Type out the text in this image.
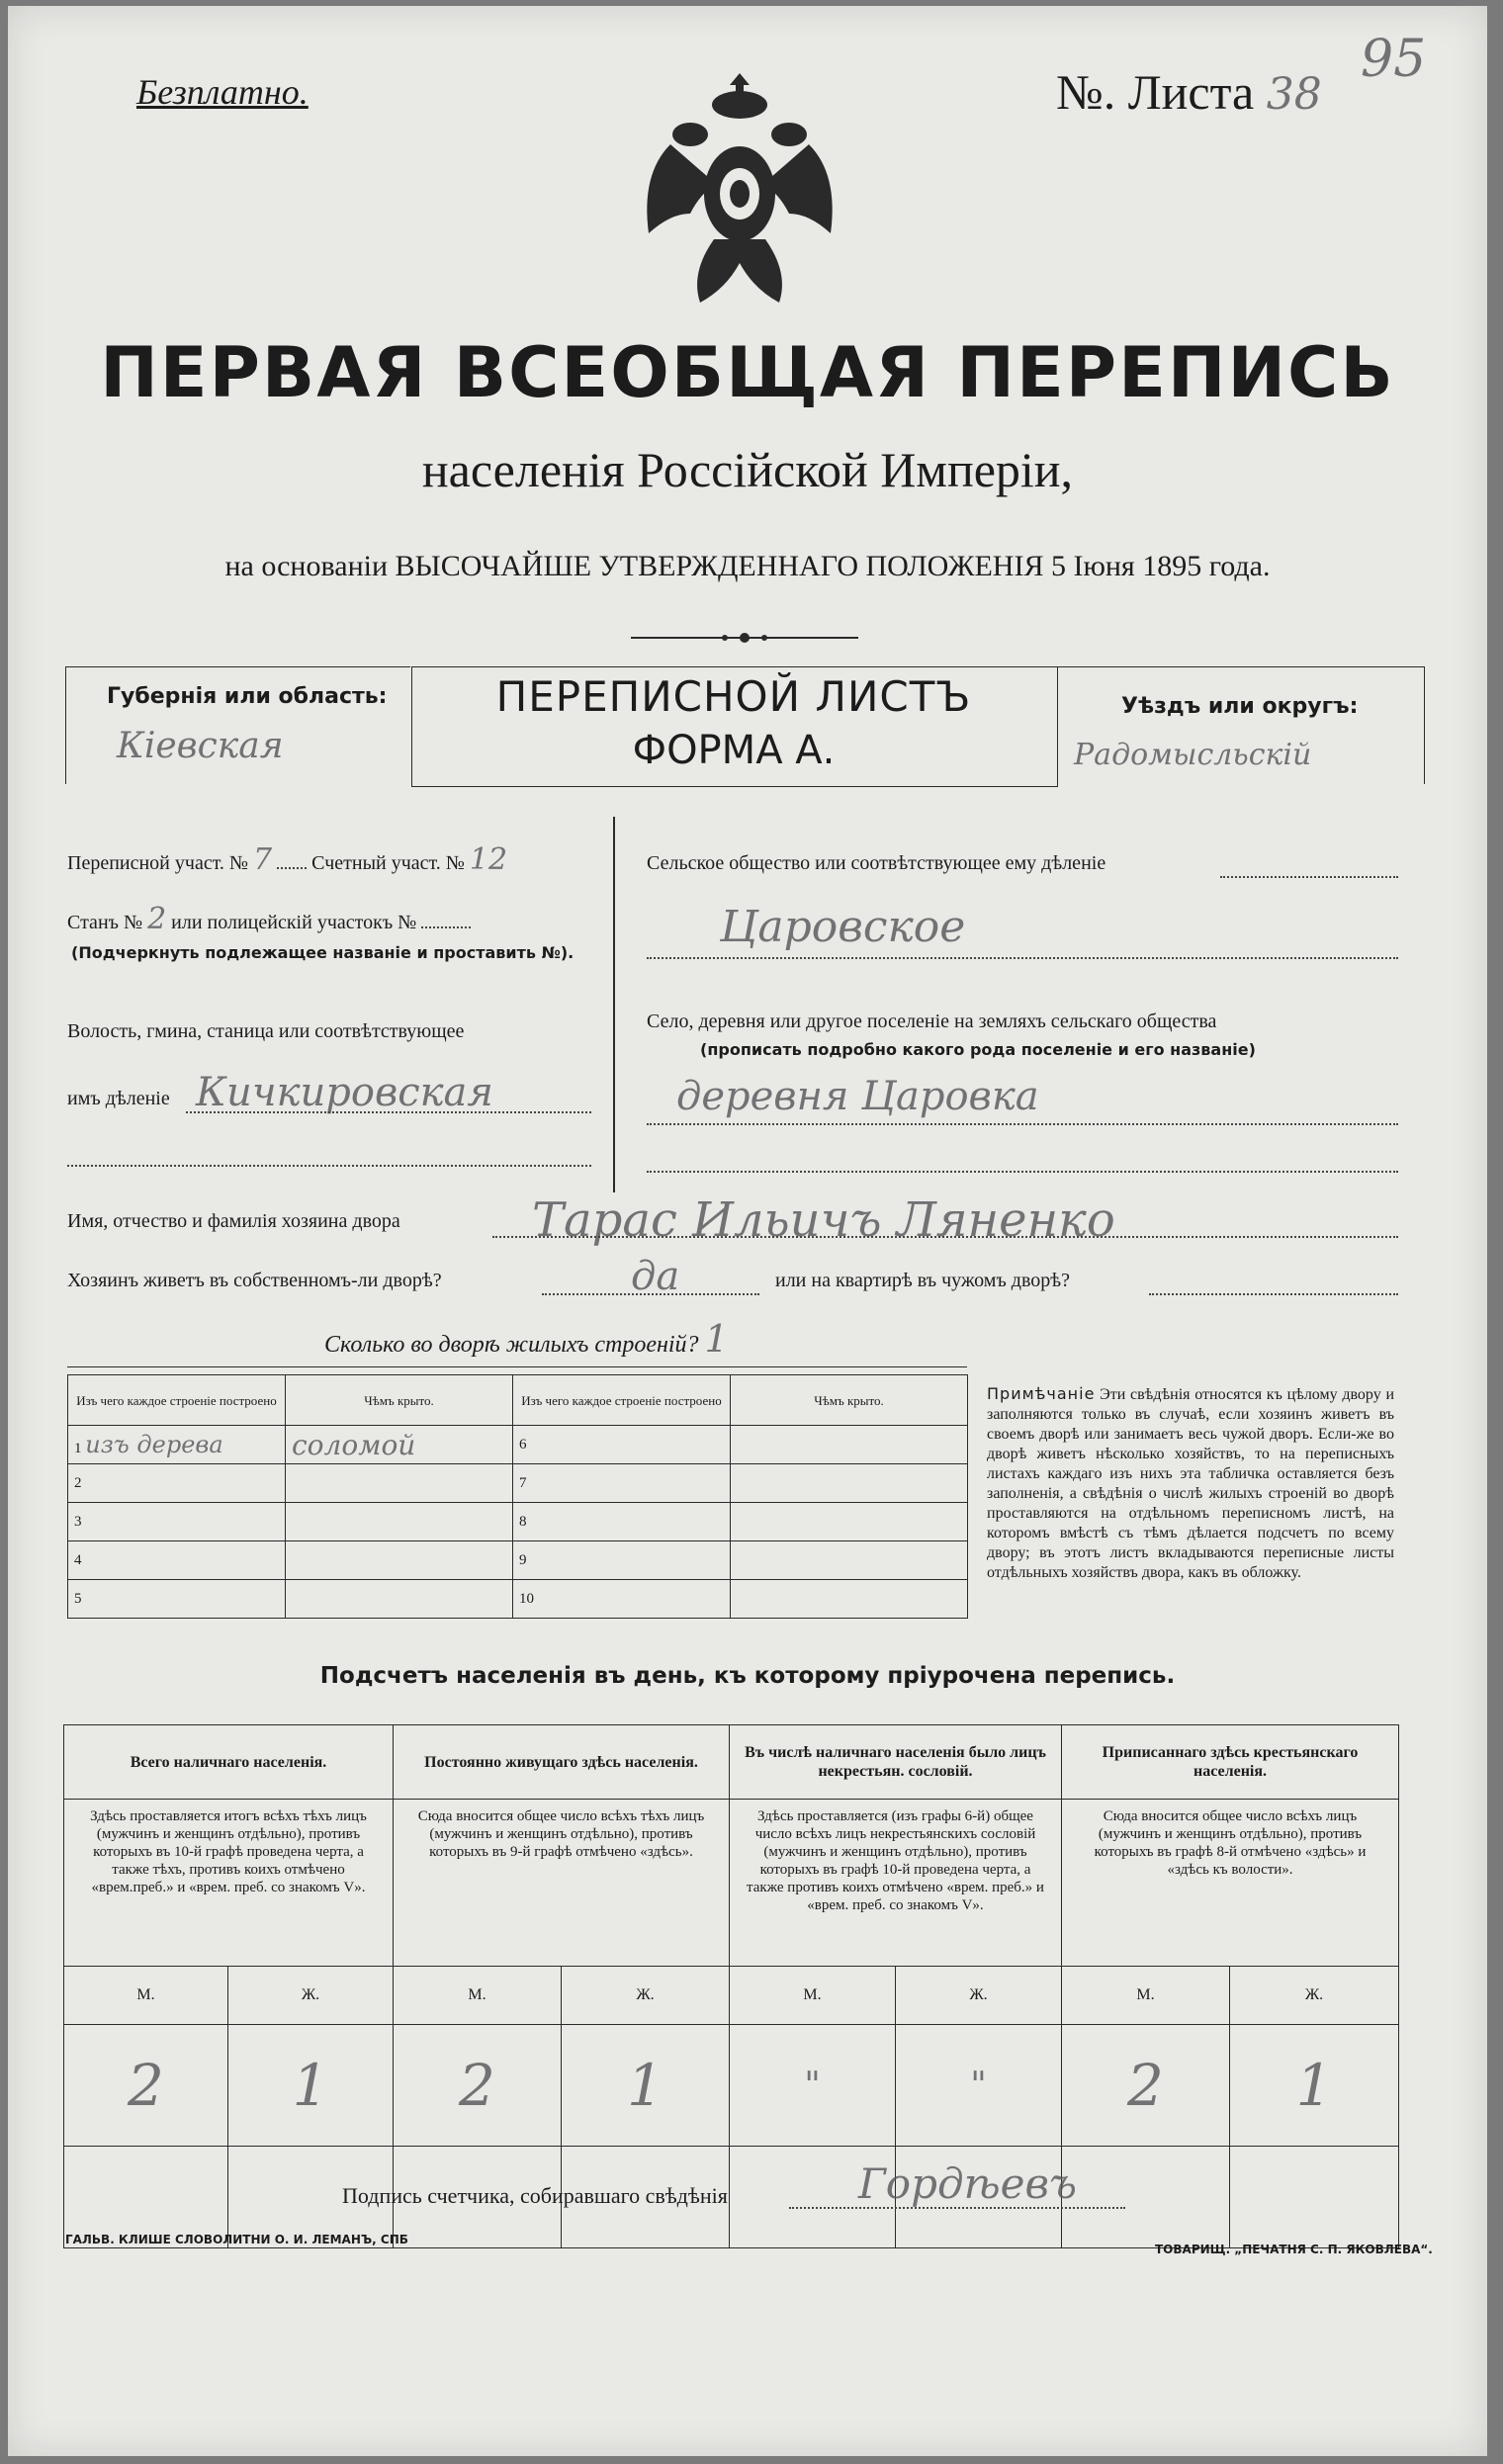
Безплатно.	№. Листа 38
95
ПЕРВАЯ ВСЕОБЩАЯ ПЕРЕПИСЬ
населенія Россійской Имперіи,
на основаніи ВЫСОЧАЙШЕ УТВЕРЖДЕННАГО ПОЛОЖЕНІЯ 5 Іюня 1895 года.
Губернія или область:
Кіевская
ПЕРЕПИСНОЙ ЛИСТЪ
ФОРМА А.
Уѣздъ или округъ:
Радомысльскій
Переписной участ. № 7 Счетный участ. № 12
Станъ № 2 или полицейскій участокъ №
(Подчеркнуть подлежащее названіе и проставить №).
Волость, гмина, станица или соотвѣтствующее
имъ дѣленіе Кичкировская
Сельское общество или соотвѣтствующее ему дѣленіе
Царовское
Село, деревня или другое поселеніе на земляхъ сельскаго общества
(прописать подробно какого рода поселеніе и его названіе)
деревня Царовка
Имя, отчество и фамилія хозяина двора	Тарас Ильичъ Ляненко
Хозяинъ живетъ въ собственномъ-ли дворѣ?	да	или на квартирѣ въ чужомъ дворѣ?
Сколько во дворѣ жилыхъ строеній? 1
Изъ чего каждое строеніе построено	Чѣмъ крыто.	Изъ чего каждое строеніе построено	Чѣмъ крыто.
1 изъ дерева	соломой	6	
2		7	
3		8	
4		9	
5		10	
Примѣчаніе Эти свѣдѣнія относятся къ цѣлому двору и заполняются только въ случаѣ, если хозяинъ живетъ въ своемъ дворѣ или занимаетъ весь чужой дворъ. Если-же во дворѣ живетъ нѣсколько хозяйствъ, то на переписныхъ листахъ каждаго изъ нихъ эта табличка оставляется безъ заполненія, а свѣдѣнія о числѣ жилыхъ строеній во дворѣ проставляются на отдѣльномъ переписномъ листѣ, на которомъ вмѣстѣ съ тѣмъ дѣлается подсчетъ по всему двору; въ этотъ листъ вкладываются переписные листы отдѣльныхъ хозяйствъ двора, какъ въ обложку.
Подсчетъ населенія въ день, къ которому пріурочена перепись.
Всего наличнаго населенія.		Постоянно живущаго здѣсь населенія.		Въ числѣ наличнаго населенія было лицъ некрестьян. сословій.		Приписаннаго здѣсь крестьянскаго населенія.	
Здѣсь проставляется итогъ всѣхъ тѣхъ лицъ (мужчинъ и женщинъ отдѣльно), противъ которыхъ въ 10-й графѣ проведена черта, а также тѣхъ, противъ коихъ отмѣчено «врем.преб.» и «врем. преб. со знакомъ V».		Сюда вносится общее число всѣхъ тѣхъ лицъ (мужчинъ и женщинъ отдѣльно), противъ которыхъ въ 9-й графѣ отмѣчено «здѣсь».		Здѣсь проставляется (изъ графы 6-й) общее число всѣхъ лицъ некрестьянскихъ сословій (мужчинъ и женщинъ отдѣльно), противъ которыхъ въ графѣ 10-й проведена черта, а также противъ коихъ отмѣчено «врем. преб.» и «врем. преб. со знакомъ V».		Сюда вносится общее число всѣхъ лицъ (мужчинъ и женщинъ отдѣльно), противъ которыхъ въ графѣ 8-й отмѣчено «здѣсь» и «здѣсь къ волости».	
М.	Ж.	М.	Ж.	М.	Ж.	М.	Ж.
2	1	2	1	"	"	2	1

Подпись счетчика, собиравшаго свѣдѣнія	Гордѣевъ
ГАЛЬВ. КЛИШЕ СЛОВОЛИТНИ О. И. ЛЕМАНЪ, СПБ
ТОВАРИЩ. „ПЕЧАТНЯ С. П. ЯКОВЛЕВА“.
